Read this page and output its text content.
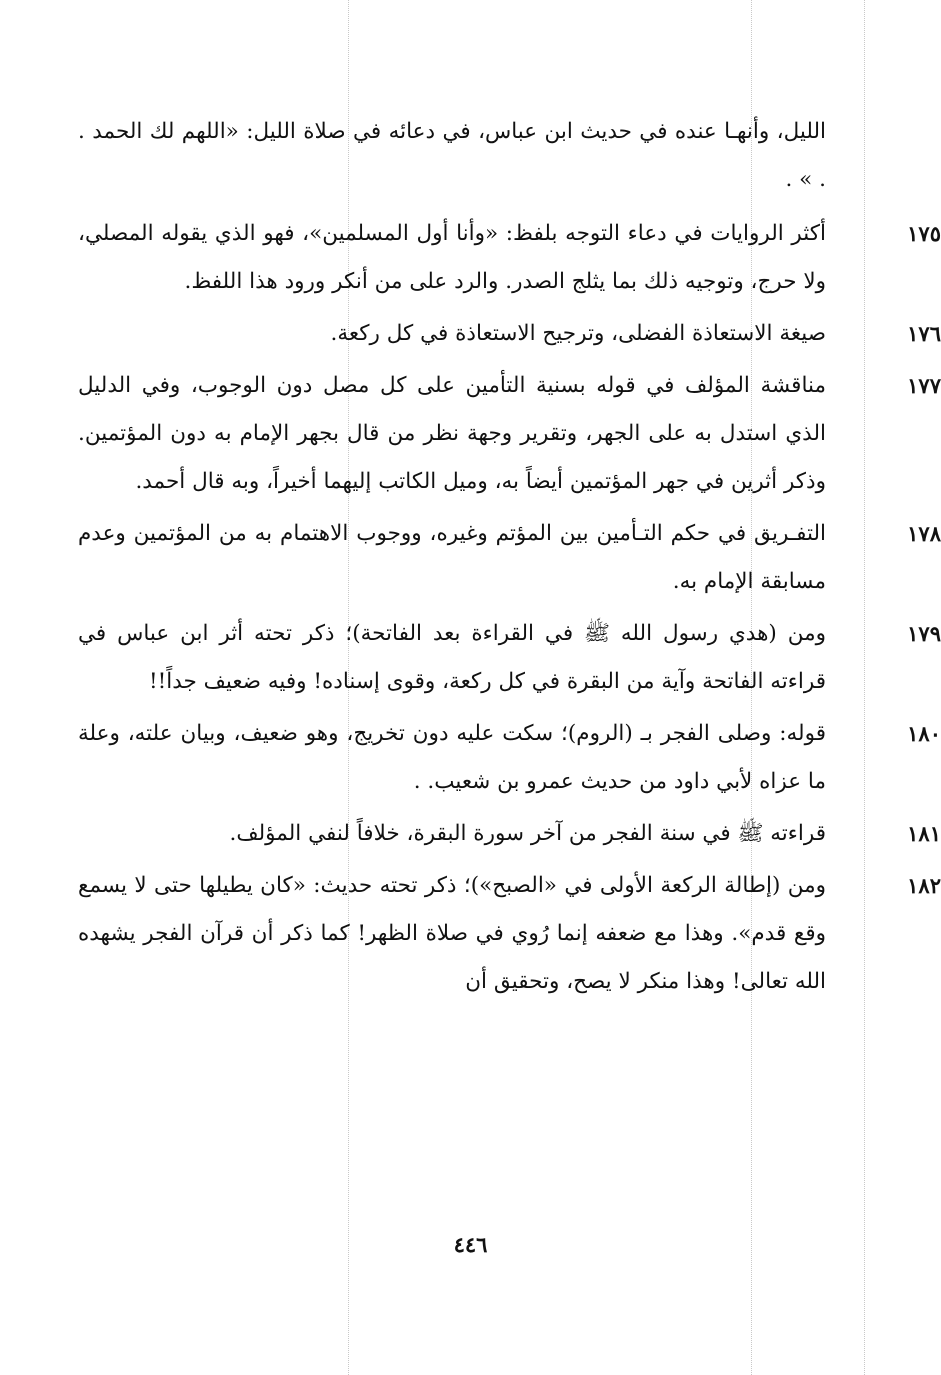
الليل، وأنهـا عنده في حديث ابن عباس، في دعائه في صلاة الليل: «اللهم لك الحمد . . » .
١٧٥
أكثر الروايات في دعاء التوجه بلفظ: «وأنا أول المسلمين»، فهو الذي يقوله المصلي، ولا حرج، وتوجيه ذلك بما يثلج الصدر. والرد على من أنكر ورود هذا اللفظ.
١٧٦
صيغة الاستعاذة الفضلى، وترجيح الاستعاذة في كل ركعة.
١٧٧
مناقشة المؤلف في قوله بسنية التأمين على كل مصل دون الوجوب، وفي الدليل الذي استدل به على الجهر، وتقرير وجهة نظر من قال بجهر الإمام به دون المؤتمين. وذكر أثرين في جهر المؤتمين أيضاً به، وميل الكاتب إليهما أخيراً، وبه قال أحمد.
١٧٨
التفـريق في حكم التـأمين بين المؤتم وغيره، ووجوب الاهتمام به من المؤتمين وعدم مسابقة الإمام به.
١٧٩
ومن (هدي رسول الله ﷺ في القراءة بعد الفاتحة)؛ ذكر تحته أثر ابن عباس في قراءته الفاتحة وآية من البقرة في كل ركعة، وقوى إسناده! وفيه ضعيف جداً!!
١٨٠
قوله: وصلى الفجر بـ (الروم)؛ سكت عليه دون تخريج، وهو ضعيف، وبيان علته، وعلة ما عزاه لأبي داود من حديث عمرو بن شعيب. .
١٨١
قراءته ﷺ في سنة الفجر من آخر سورة البقرة، خلافاً لنفي المؤلف.
١٨٢
ومن (إطالة الركعة الأولى في «الصبح»)؛ ذكر تحته حديث: «كان يطيلها حتى لا يسمع وقع قدم». وهذا مع ضعفه إنما رُوي في صلاة الظهر! كما ذكر أن قرآن الفجر يشهده الله تعالى! وهذا منكر لا يصح، وتحقيق أن
٤٤٦
